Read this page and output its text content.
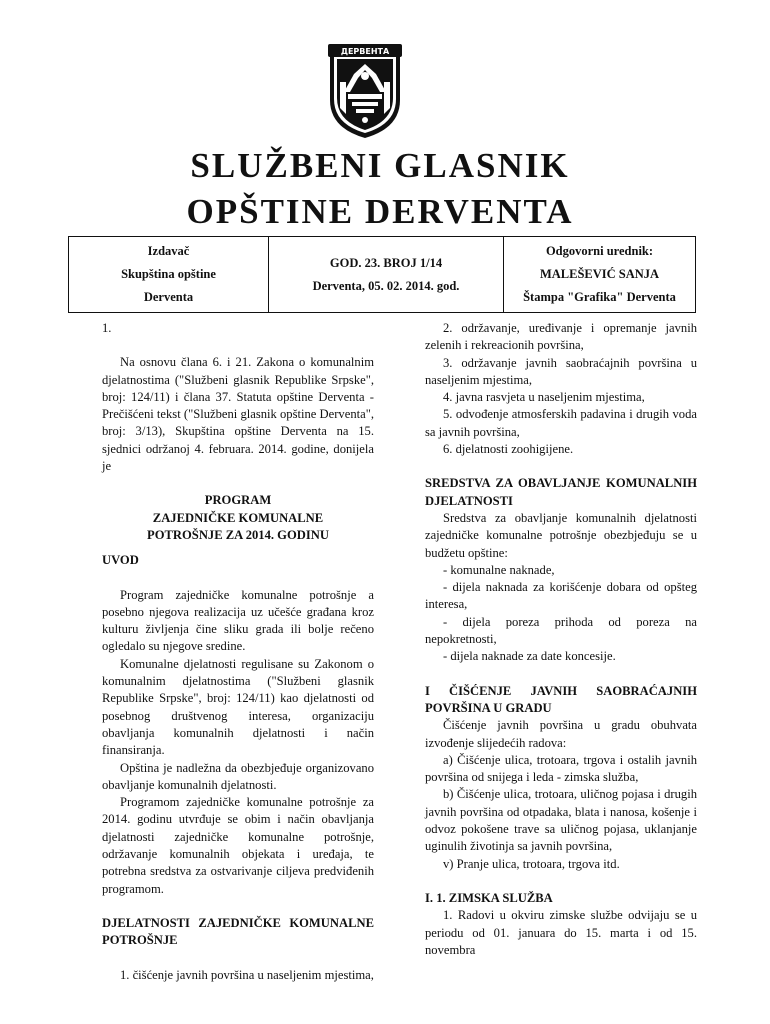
ДЕРВЕНТА
SLUŽBENI GLASNIK
OPŠTINE DERVENTA
Izdavač
Skupština opštine
Derventa
GOD. 23. BROJ 1/14
Derventa, 05. 02. 2014. god.
Odgovorni urednik:
MALEŠEVIĆ SANJA
Štampa "Grafika" Derventa
1.
Na osnovu člana 6. i 21. Zakona o komunalnim djelatnostima ("Službeni glasnik Republike Srpske", broj: 124/11) i člana 37. Statuta opštine Derventa - Prečišćeni tekst ("Službeni glasnik opštine Derventa", broj: 3/13), Skupština opštine Derventa na 15. sjednici održanoj 4. februara. 2014. godine, donijela je
PROGRAM
ZAJEDNIČKE KOMUNALNE
POTROŠNJE ZA 2014. GODINU
UVOD
Program zajedničke komunalne potrošnje a posebno njegova realizacija uz učešće građana kroz kulturu življenja čine sliku grada ili bolje rečeno ogledalo su njegove sredine.
Komunalne djelatnosti regulisane su Zakonom o komunalnim djelatnostima ("Službeni glasnik Republike Srpske", broj: 124/11) kao djelatnosti od posebnog društvenog interesa, organizaciju obavljanja komunalnih djelatnosti i način finansiranja.
Opština je nadležna da obezbjeđuje organizovano obavljanje komunalnih djelatnosti.
Programom zajedničke komunalne potrošnje za 2014. godinu utvrđuje se obim i način obavljanja djelatnosti zajedničke komunalne potrošnje, održavanje komunalnih objekata i uređaja, te potrebna sredstva za ostvarivanje ciljeva predviđenih programom.
DJELATNOSTI ZAJEDNIČKE KOMUNALNE POTROŠNJE
1. čišćenje javnih površina u naseljenim mjestima,
2. održavanje, uređivanje i opremanje javnih zelenih i rekreacionih površina,
3. održavanje javnih saobraćajnih površina u naseljenim mjestima,
4. javna rasvjeta u naseljenim mjestima,
5. odvođenje atmosferskih padavina i drugih voda sa javnih površina,
6. djelatnosti zoohigijene.
SREDSTVA ZA OBAVLJANJE KOMUNALNIH DJELATNOSTI
Sredstva za obavljanje komunalnih djelatnosti zajedničke komunalne potrošnje obezbjeđuju se u budžetu opštine:
- komunalne naknade,
- dijela naknada za korišćenje dobara od opšteg interesa,
- dijela poreza prihoda od poreza na nepokretnosti,
- dijela naknade za date koncesije.
I ČIŠĆENJE JAVNIH SAOBRAĆAJNIH POVRŠINA U GRADU
Čišćenje javnih površina u gradu obuhvata izvođenje slijedećih radova:
a) Čišćenje ulica, trotoara, trgova i ostalih javnih površina od snijega i leda - zimska služba,
b) Čišćenje ulica, trotoara, uličnog pojasa i drugih javnih površina od otpadaka, blata i nanosa, košenje i odvoz pokošene trave sa uličnog pojasa, uklanjanje uginulih životinja sa javnih površina,
v) Pranje ulica, trotoara, trgova itd.
I. 1. ZIMSKA SLUŽBA
1. Radovi u okviru zimske službe odvijaju se u periodu od 01. januara do 15. marta i od 15. novembra
